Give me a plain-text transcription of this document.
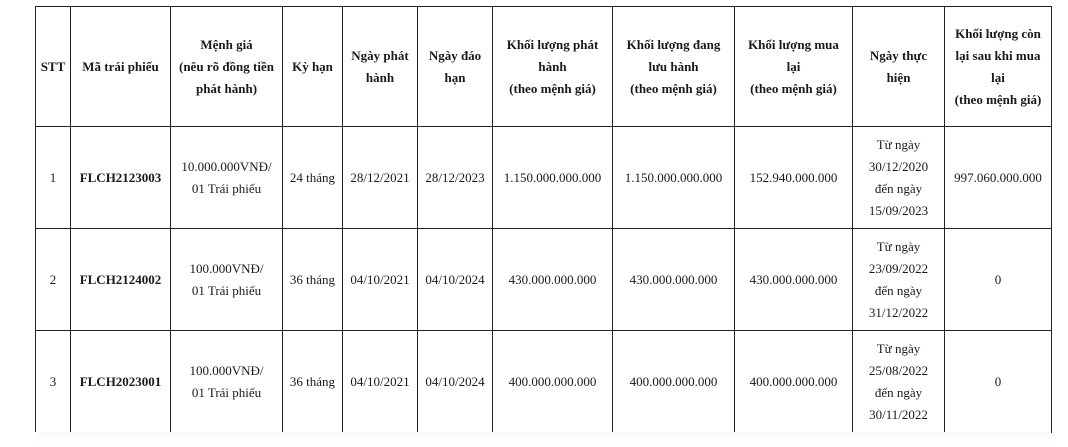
STT	Mã trái phiếu	Mệnh giá
(nêu rõ đồng tiền
phát hành)	Kỳ hạn	Ngày phát
hành	Ngày đáo
hạn	Khối lượng phát
hành
(theo mệnh giá)	Khối lượng đang
lưu hành
(theo mệnh giá)	Khối lượng mua
lại
(theo mệnh giá)	Ngày thực
hiện	Khối lượng còn
lại sau khi mua
lại
(theo mệnh giá)
1	FLCH2123003	10.000.000VNĐ/
01 Trái phiếu	24 tháng	28/12/2021	28/12/2023	1.150.000.000.000	1.150.000.000.000	152.940.000.000	Từ ngày
30/12/2020
đến ngày
15/09/2023	997.060.000.000
2	FLCH2124002	100.000VNĐ/
01 Trái phiếu	36 tháng	04/10/2021	04/10/2024	430.000.000.000	430.000.000.000	430.000.000.000	Từ ngày
23/09/2022
đến ngày
31/12/2022	0
3	FLCH2023001	100.000VNĐ/
01 Trái phiếu	36 tháng	04/10/2021	04/10/2024	400.000.000.000	400.000.000.000	400.000.000.000	Từ ngày
25/08/2022
đến ngày
30/11/2022	0
